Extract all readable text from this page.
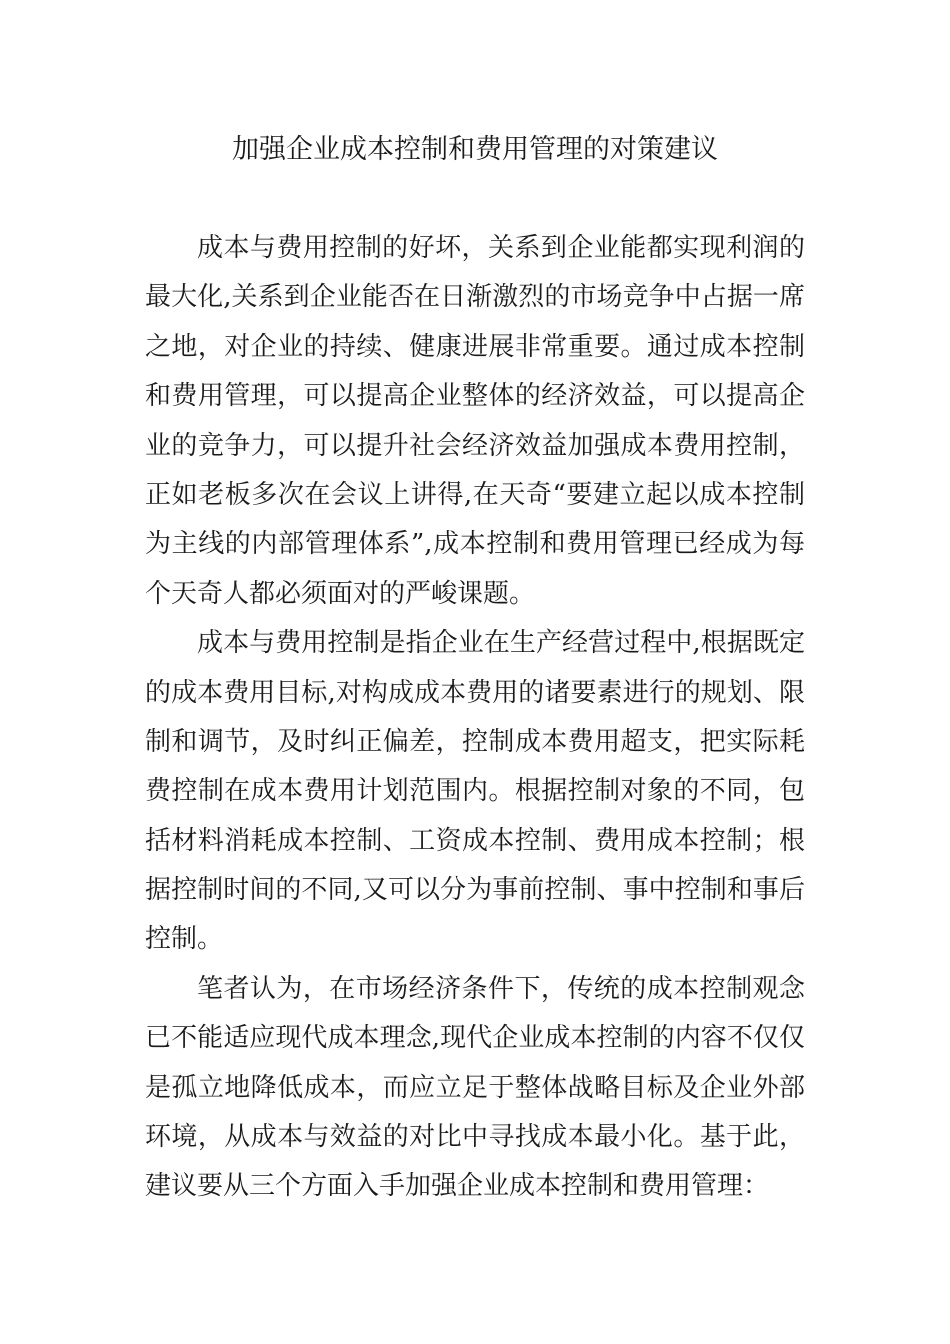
加强企业成本控制和费用管理的对策建议
成本与费用控制的好坏，关系到企业能都实现利润的
最大化,关系到企业能否在日渐激烈的市场竞争中占据一席
之地，对企业的持续、健康进展非常重要。通过成本控制
和费用管理，可以提高企业整体的经济效益，可以提高企
业的竞争力，可以提升社会经济效益加强成本费用控制，
正如老板多次在会议上讲得,在天奇“要建立起以成本控制
为主线的内部管理体系”,成本控制和费用管理已经成为每
个天奇人都必须面对的严峻课题。
成本与费用控制是指企业在生产经营过程中,根据既定
的成本费用目标,对构成成本费用的诸要素进行的规划、限
制和调节，及时纠正偏差，控制成本费用超支，把实际耗
费控制在成本费用计划范围内。根据控制对象的不同，包
括材料消耗成本控制、工资成本控制、费用成本控制；根
据控制时间的不同,又可以分为事前控制、事中控制和事后
控制。
笔者认为，在市场经济条件下，传统的成本控制观念
已不能适应现代成本理念,现代企业成本控制的内容不仅仅
是孤立地降低成本，而应立足于整体战略目标及企业外部
环境，从成本与效益的对比中寻找成本最小化。基于此，
建议要从三个方面入手加强企业成本控制和费用管理：
